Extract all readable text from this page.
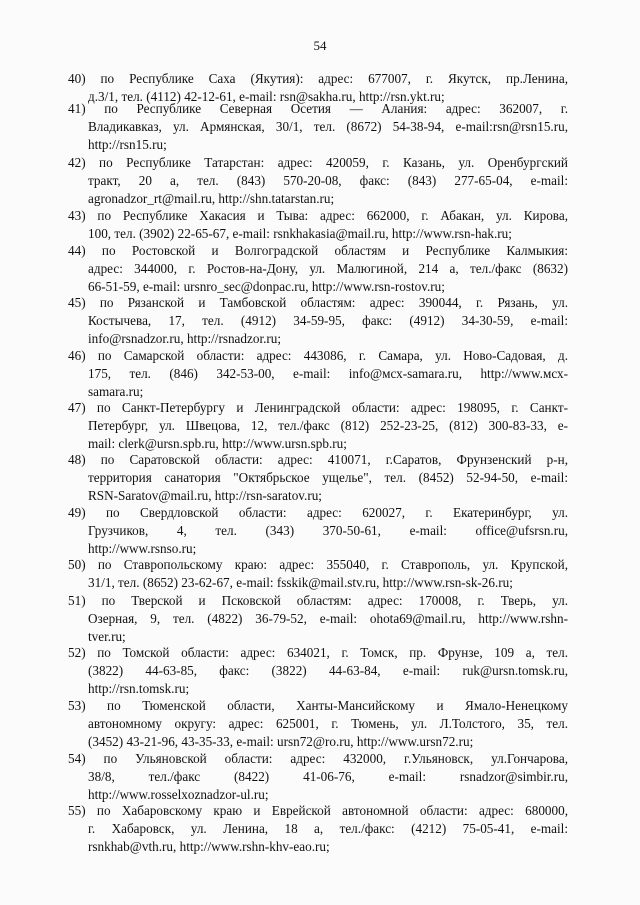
54
40) по Республике Саха (Якутия): адрес: 677007, г. Якутск, пр.Ленина,
д.3/1, тел. (4112) 42-12-61, e-mail: rsn@sakha.ru, http://rsn.ykt.ru;
41) по Республике Северная Осетия — Алания: адрес: 362007, г.
Владикавказ, ул. Армянская, 30/1, тел. (8672) 54-38-94, e-mail:rsn@rsn15.ru,
http://rsn15.ru;
42) по Республике Татарстан: адрес: 420059, г. Казань, ул. Оренбургский
тракт, 20 а, тел. (843) 570-20-08, факс: (843) 277-65-04, e-mail:
agronadzor_rt@mail.ru, http://shn.tatarstan.ru;
43) по Республике Хакасия и Тыва: адрес: 662000, г. Абакан, ул. Кирова,
100, тел. (3902) 22-65-67, e-mail: rsnkhakasia@mail.ru, http://www.rsn-hak.ru;
44) по Ростовской и Волгоградской областям и Республике Калмыкия:
адрес: 344000, г. Ростов-на-Дону, ул. Малюгиной, 214 а, тел./факс (8632)
66-51-59, e-mail: ursnro_sec@donpac.ru, http://www.rsn-rostov.ru;
45) по Рязанской и Тамбовской областям: адрес: 390044, г. Рязань, ул.
Костычева, 17, тел. (4912) 34-59-95, факс: (4912) 34-30-59, e-mail:
info@rsnadzor.ru, http://rsnadzor.ru;
46) по Самарской области: адрес: 443086, г. Самара, ул. Ново-Садовая, д.
175, тел. (846) 342-53-00, e-mail: info@мсх-samara.ru, http://www.мсх-
samara.ru;
47) по Санкт-Петербургу и Ленинградской области: адрес: 198095, г. Санкт-
Петербург, ул. Швецова, 12, тел./факс (812) 252-23-25, (812) 300-83-33, e-
mail: clerk@ursn.spb.ru, http://www.ursn.spb.ru;
48) по Саратовской области: адрес: 410071, г.Саратов, Фрунзенский р-н,
территория санатория "Октябрьское ущелье", тел. (8452) 52-94-50, e-mail:
RSN-Saratov@mail.ru, http://rsn-saratov.ru;
49) по Свердловской области: адрес: 620027, г. Екатеринбург, ул.
Грузчиков, 4, тел. (343) 370-50-61, e-mail: office@ufsrsn.ru,
http://www.rsnso.ru;
50) по Ставропольскому краю: адрес: 355040, г. Ставрополь, ул. Крупской,
31/1, тел. (8652) 23-62-67, e-mail: fsskik@mail.stv.ru, http://www.rsn-sk-26.ru;
51) по Тверской и Псковской областям: адрес: 170008, г. Тверь, ул.
Озерная, 9, тел. (4822) 36-79-52, e-mail: ohota69@mail.ru, http://www.rshn-
tver.ru;
52) по Томской области: адрес: 634021, г. Томск, пр. Фрунзе, 109 а, тел.
(3822) 44-63-85, факс: (3822) 44-63-84, e-mail: ruk@ursn.tomsk.ru,
http://rsn.tomsk.ru;
53) по Тюменской области, Ханты-Мансийскому и Ямало-Ненецкому
автономному округу: адрес: 625001, г. Тюмень, ул. Л.Толстого, 35, тел.
(3452) 43-21-96, 43-35-33, e-mail: ursn72@ro.ru, http://www.ursn72.ru;
54) по Ульяновской области: адрес: 432000, г.Ульяновск, ул.Гончарова,
38/8, тел./факс (8422) 41-06-76, e-mail: rsnadzor@simbir.ru,
http://www.rosselxoznadzor-ul.ru;
55) по Хабаровскому краю и Еврейской автономной области: адрес: 680000,
г. Хабаровск, ул. Ленина, 18 а, тел./факс: (4212) 75-05-41, e-mail:
rsnkhab@vth.ru, http://www.rshn-khv-eao.ru;
